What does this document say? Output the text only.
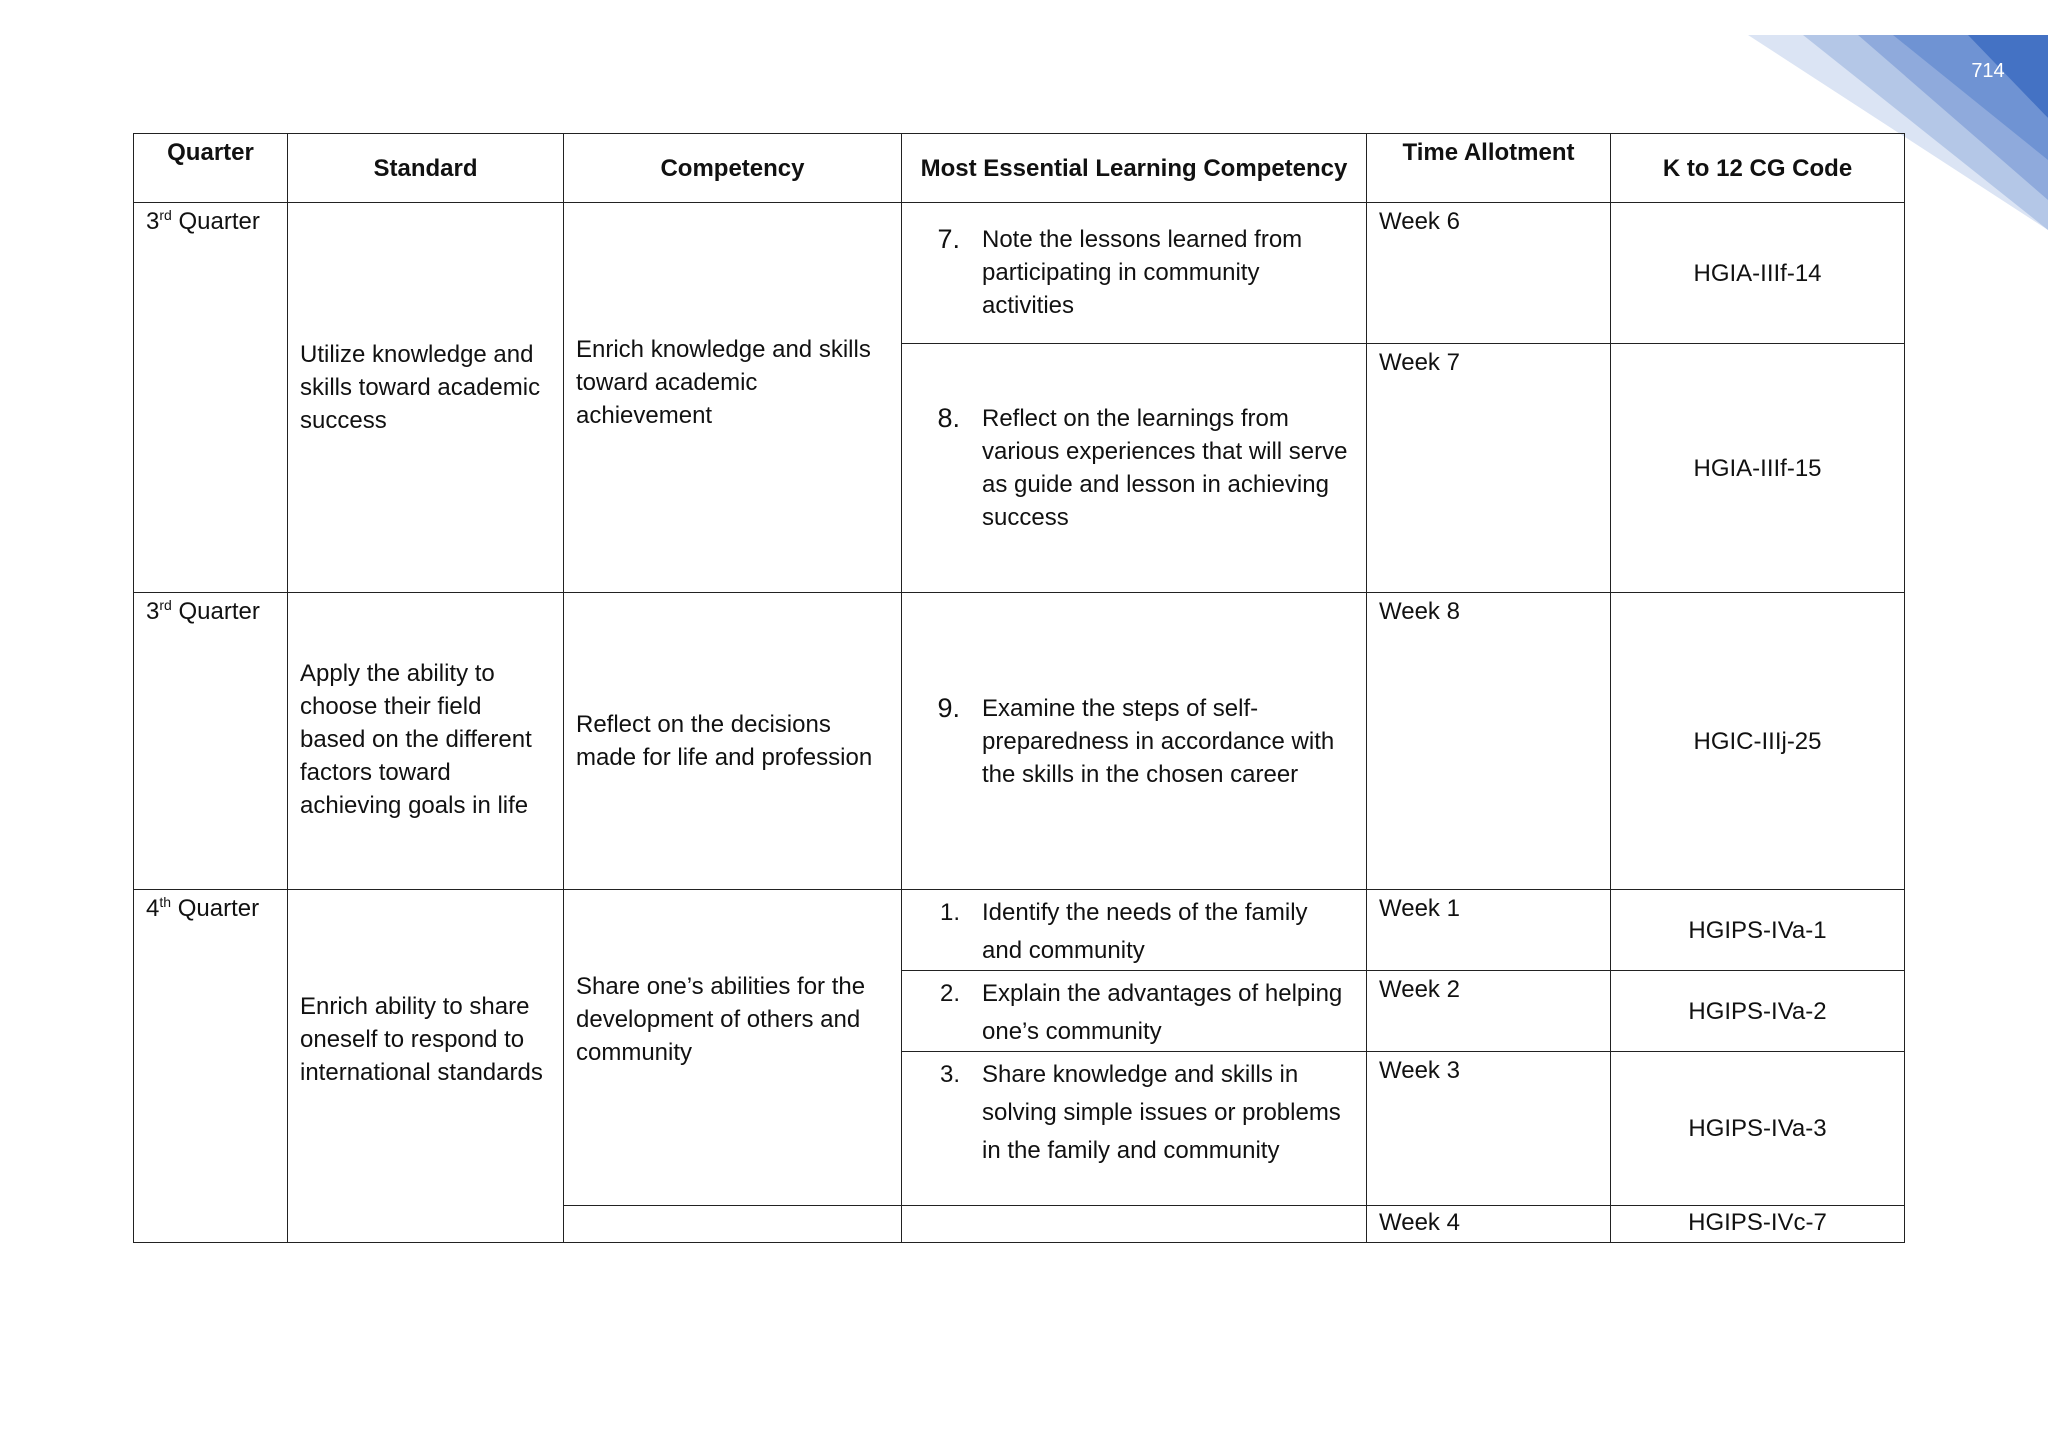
714
Quarter	Standard	Competency	Most Essential Learning Competency	Time Allotment	K to 12 CG Code
3rd Quarter	Utilize knowledge and skills toward academic success	Enrich knowledge and skills toward academic achievement	7. Note the lessons learned from participating in community activities	Week 6	HGIA-IIIf-14

			8. Reflect on the learnings from various experiences that will serve as guide and lesson in achieving success	Week 7	HGIA-IIIf-15
3rd Quarter	Apply the ability to choose their field based on the different factors toward achieving goals in life	Reflect on the decisions made for life and profession	9. Examine the steps of self-preparedness in accordance with the skills in the chosen career	Week 8	HGIC-IIIj-25
4th Quarter	Enrich ability to share oneself to respond to international standards	Share one’s abilities for the development of others and community	1. Identify the needs of the family and community	Week 1	HGIPS-IVa-1

			2. Explain the advantages of helping one’s community	Week 2	HGIPS-IVa-2

			3. Share knowledge and skills in solving simple issues or problems in the family and community	Week 3	HGIPS-IVa-3
				Week 4	HGIPS-IVc-7
